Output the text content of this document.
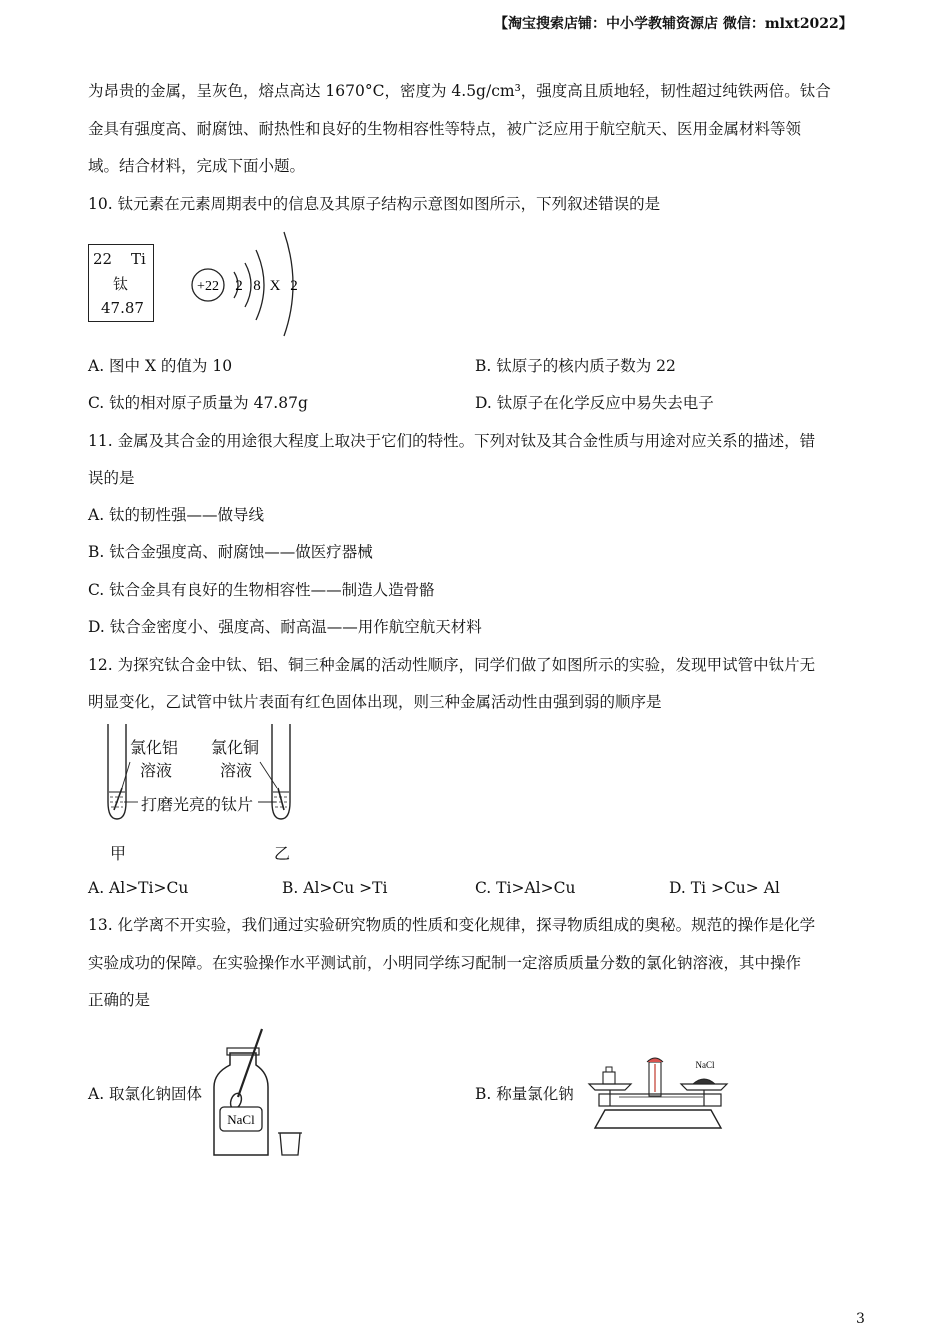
【淘宝搜索店铺：中小学教辅资源店 微信：mlxt2022】
为昂贵的金属，呈灰色，熔点高达 1670°C，密度为 4.5g/cm³，强度高且质地轻，韧性超过纯铁两倍。钛合
金具有强度高、耐腐蚀、耐热性和良好的生物相容性等特点，被广泛应用于航空航天、医用金属材料等领
域。结合材料，完成下面小题。
10. 钛元素在元素周期表中的信息及其原子结构示意图如图所示，下列叙述错误的是
22 Ti
钛
47.87
+22 2 8 X 2
A. 图中 X 的值为 10	B. 钛原子的核内质子数为 22
C. 钛的相对原子质量为 47.87g	D. 钛原子在化学反应中易失去电子
11. 金属及其合金的用途很大程度上取决于它们的特性。下列对钛及其合金性质与用途对应关系的描述，错
误的是
A. 钛的韧性强——做导线
B. 钛合金强度高、耐腐蚀——做医疗器械
C. 钛合金具有良好的生物相容性——制造人造骨骼
D. 钛合金密度小、强度高、耐高温——用作航空航天材料
12. 为探究钛合金中钛、铝、铜三种金属的活动性顺序，同学们做了如图所示的实验，发现甲试管中钛片无
明显变化，乙试管中钛片表面有红色固体出现，则三种金属活动性由强到弱的顺序是
氯化铝
溶液
氯化铜
溶液
打磨光亮的钛片
甲	乙
A. Al>Ti>Cu	B. Al>Cu >Ti	C. Ti>Al>Cu	D. Ti >Cu> Al
13. 化学离不开实验，我们通过实验研究物质的性质和变化规律，探寻物质组成的奥秘。规范的操作是化学
实验成功的保障。在实验操作水平测试前，小明同学练习配制一定溶质质量分数的氯化钠溶液，其中操作
正确的是
A. 取氯化钠固体
NaCl
B. 称量氯化钠
NaCl
3
